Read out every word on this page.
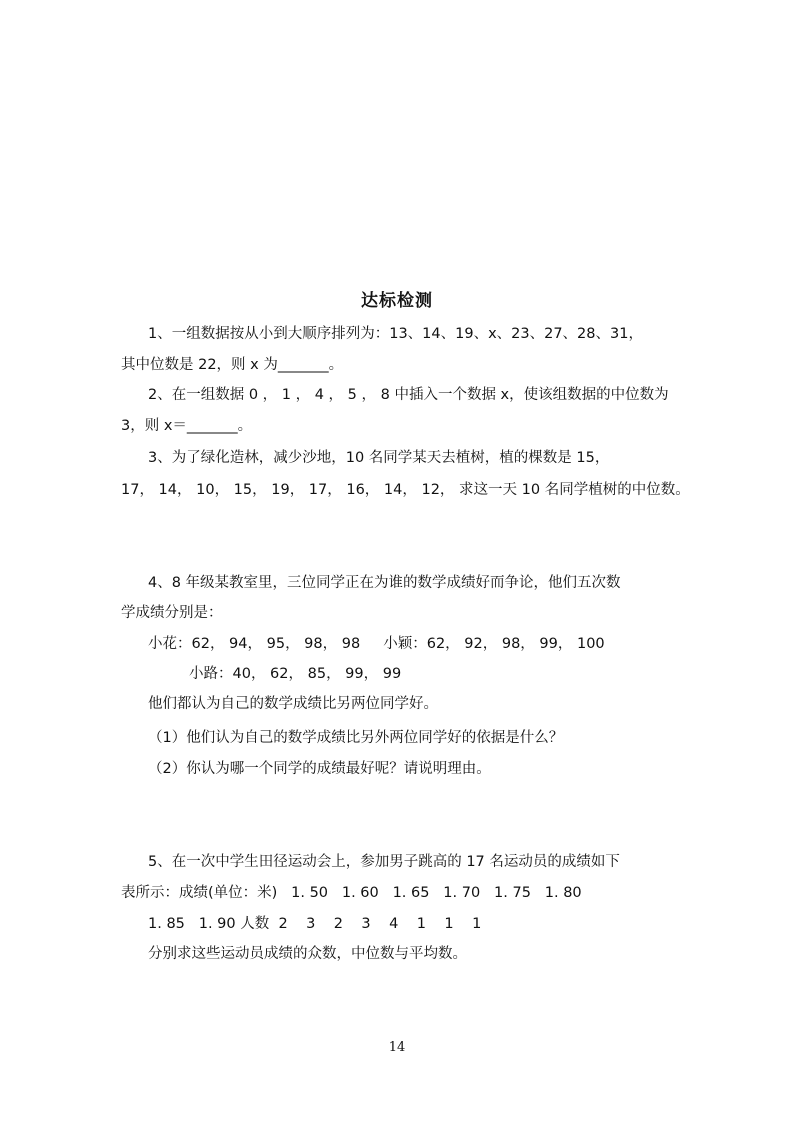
达标检测
1、一组数据按从小到大顺序排列为：13、14、19、x、23、27、28、31，
其中位数是 22，则 x 为_______。
2、在一组数据 0 ， 1 ， 4 ， 5 ， 8 中插入一个数据 x，使该组数据的中位数为
3，则 x＝_______。
3、为了绿化造林，减少沙地，10 名同学某天去植树，植的棵数是 15，
17， 14， 10， 15， 19， 17， 16， 14， 12， 求这一天 10 名同学植树的中位数。
4、8 年级某教室里，三位同学正在为谁的数学成绩好而争论，他们五次数
学成绩分别是：
小花：62， 94， 95， 98， 98     小颖：62， 92， 98， 99， 100
小路：40， 62， 85， 99， 99
他们都认为自己的数学成绩比另两位同学好。
（1）他们认为自己的数学成绩比另外两位同学好的依据是什么？
（2）你认为哪一个同学的成绩最好呢？请说明理由。
5、在一次中学生田径运动会上，参加男子跳高的 17 名运动员的成绩如下
表所示：成绩(单位：米)   1. 50   1. 60   1. 65   1. 70   1. 75   1. 80
1. 85   1. 90 人数  2    3    2    3    4    1    1    1
分别求这些运动员成绩的众数，中位数与平均数。
14
